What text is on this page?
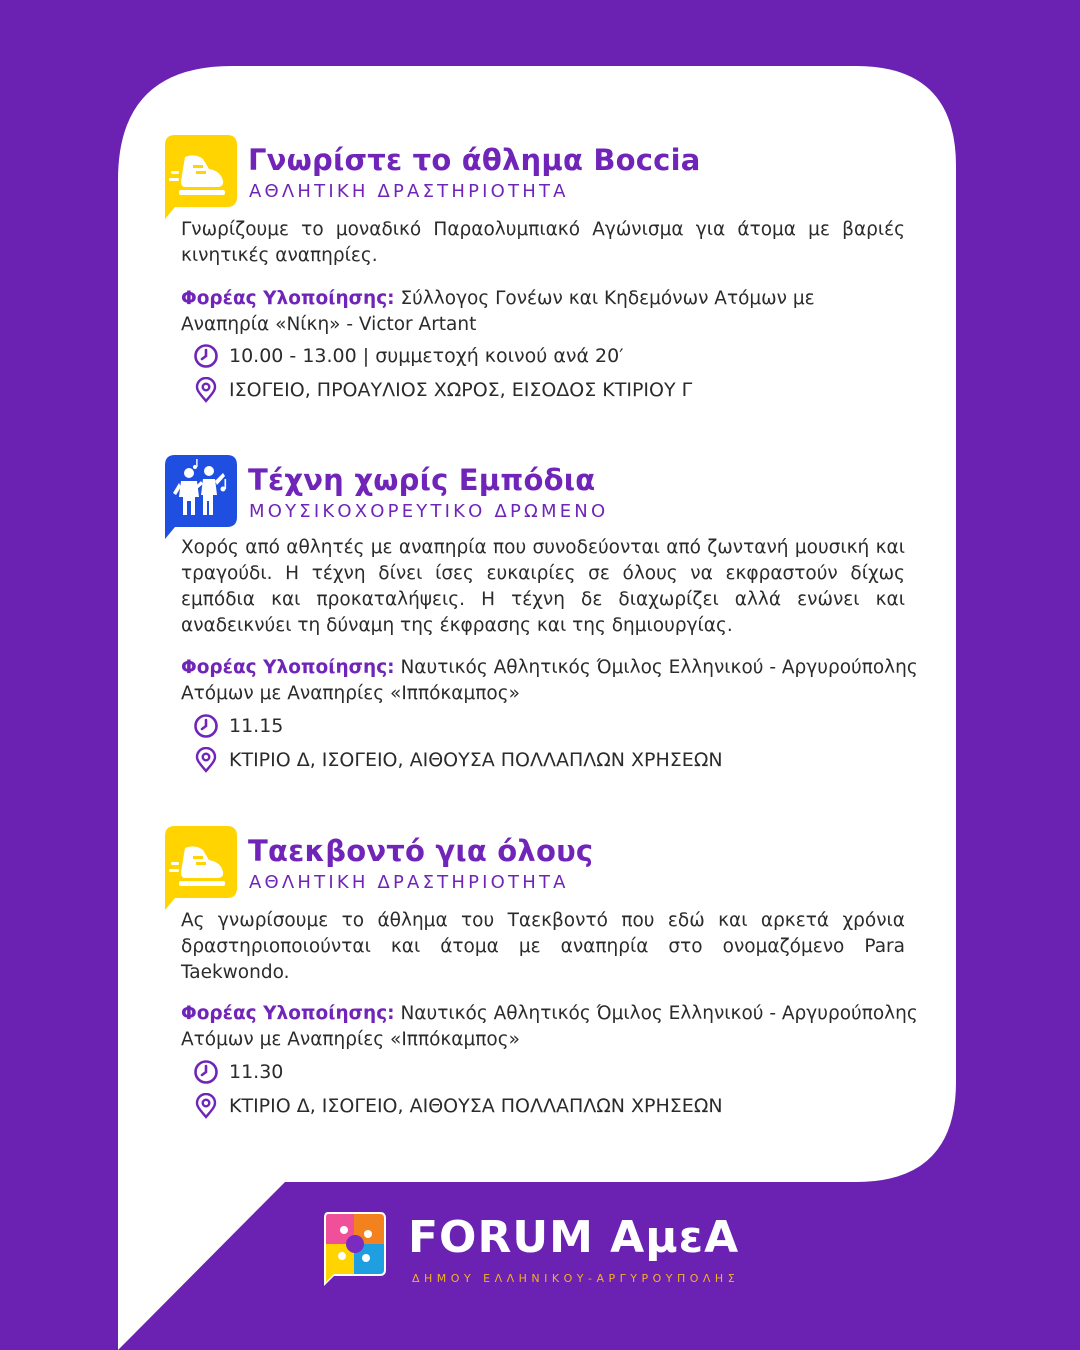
Γνωρίστε το άθλημα Boccia
ΑΘΛΗΤΙΚΗ ΔΡΑΣΤΗΡΙΟΤΗΤΑ

Γνωρίζουμε το μοναδικό Παραολυμπιακό Αγώνισμα για άτομα με βαριές κινητικές αναπηρίες.

Φορέας Υλοποίησης: Σύλλογος Γονέων και Κηδεμόνων Ατόμων με Αναπηρία «Νίκη» - Victor Artant

10.00 - 13.00 | συμμετοχή κοινού ανά 20′
ΙΣΟΓΕΙΟ, ΠΡΟΑΥΛΙΟΣ ΧΩΡΟΣ, ΕΙΣΟΔΟΣ ΚΤΙΡΙΟΥ Γ
Τέχνη χωρίς Εμπόδια
ΜΟΥΣΙΚΟΧΟΡΕΥΤΙΚΟ ΔΡΩΜΕΝΟ

Χορός από αθλητές με αναπηρία που συνοδεύονται από ζωντανή μουσική και τραγούδι. Η τέχνη δίνει ίσες ευκαιρίες σε όλους να εκφραστούν δίχως εμπόδια και προκαταλήψεις. Η τέχνη δε διαχωρίζει αλλά ενώνει και αναδεικνύει τη δύναμη της έκφρασης και της δημιουργίας.

Φορέας Υλοποίησης: Ναυτικός Αθλητικός Όμιλος Ελληνικού - Αργυρούπολης Ατόμων με Αναπηρίες «Ιππόκαμπος»

11.15
ΚΤΙΡΙΟ Δ, ΙΣΟΓΕΙΟ, ΑΙΘΟΥΣΑ ΠΟΛΛΑΠΛΩΝ ΧΡΗΣΕΩΝ
Ταεκβοντό για όλους
ΑΘΛΗΤΙΚΗ ΔΡΑΣΤΗΡΙΟΤΗΤΑ

Ας γνωρίσουμε το άθλημα του Ταεκβοντό που εδώ και αρκετά χρόνια δραστηριοποιούνται και άτομα με αναπηρία στο ονομαζόμενο Para Taekwondo.

Φορέας Υλοποίησης: Ναυτικός Αθλητικός Όμιλος Ελληνικού - Αργυρούπολης Ατόμων με Αναπηρίες «Ιππόκαμπος»

11.30
ΚΤΙΡΙΟ Δ, ΙΣΟΓΕΙΟ, ΑΙΘΟΥΣΑ ΠΟΛΛΑΠΛΩΝ ΧΡΗΣΕΩΝ
FORUM ΑμεΑ
ΔΗΜΟΥ ΕΛΛΗΝΙΚΟΥ-ΑΡΓΥΡΟΥΠΟΛΗΣ
